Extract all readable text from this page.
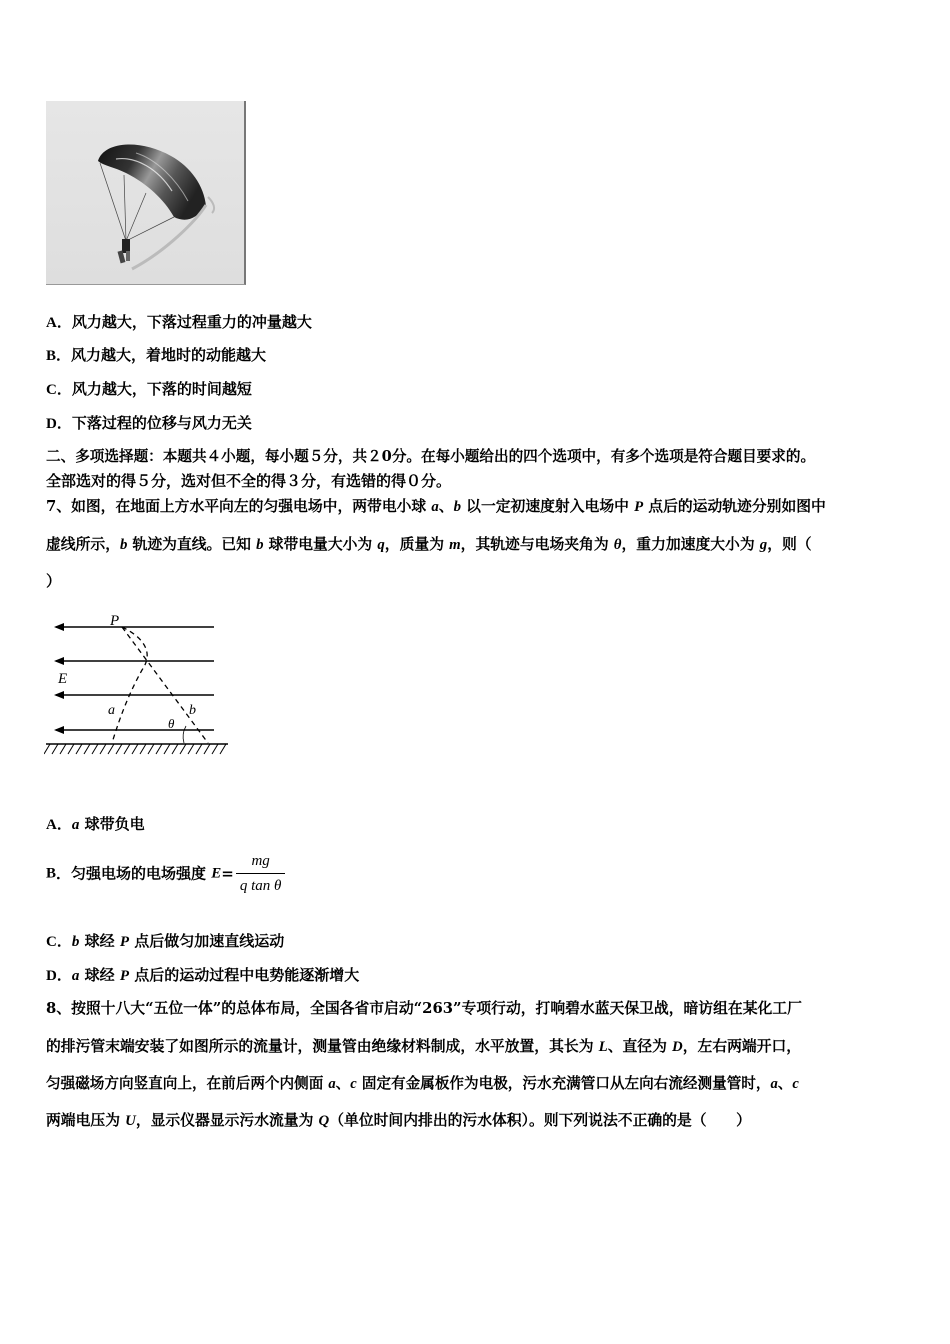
A．风力越大，下落过程重力的冲量越大
B．风力越大，着地时的动能越大
C．风力越大，下落的时间越短
D．下落过程的位移与风力无关
二、多项选择题：本题共４小题，每小题５分，共２0分。在每小题给出的四个选项中，有多个选项是符合题目要求的。
全部选对的得５分，选对但不全的得３分，有选错的得０分。
7、如图，在地面上方水平向左的匀强电场中，两带电小球 a、b 以一定初速度射入电场中 P 点后的运动轨迹分别如图中
虚线所示，b 轨迹为直线。已知 b 球带电量大小为 q，质量为 m，其轨迹与电场夹角为 θ，重力加速度大小为 g，则（
）
P
E
a	b
θ
A．a 球带负电
B．匀强电场的电场强度 $E= \frac{mg}{\text{q tan θ}}$
C．b 球经 P 点后做匀加速直线运动
D．a 球经 P 点后的运动过程中电势能逐渐增大
8、按照十八大“五位一体”的总体布局，全国各省市启动“263”专项行动，打响碧水蓝天保卫战，暗访组在某化工厂
的排污管末端安装了如图所示的流量计，测量管由绝缘材料制成，水平放置，其长为 L、直径为 D，左右两端开口，
匀强磁场方向竖直向上，在前后两个内侧面 a、c 固定有金属板作为电极，污水充满管口从左向右流经测量管时，a、c
两端电压为 U，显示仪器显示污水流量为 Q（单位时间内排出的污水体积）。则下列说法不正确的是（　　）
